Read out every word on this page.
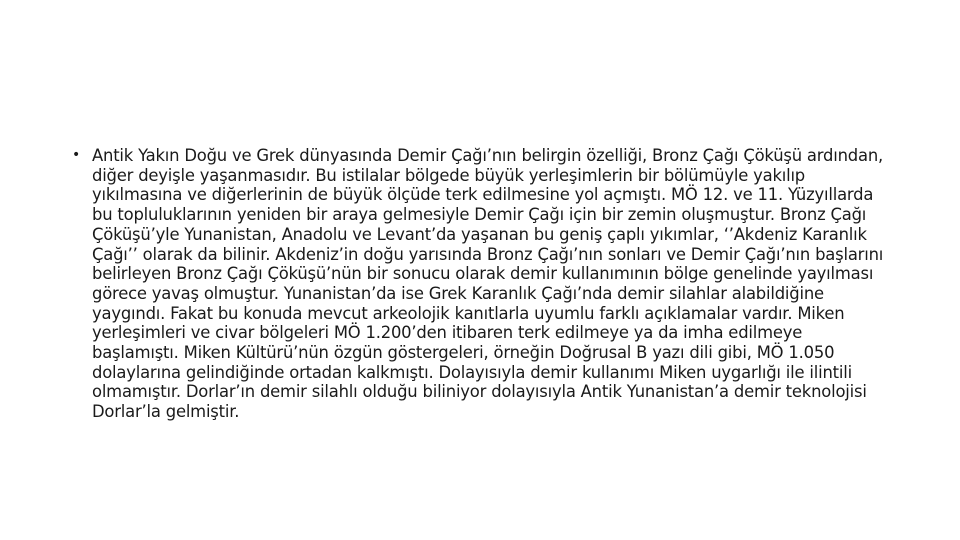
• Antik Yakın Doğu ve Grek dünyasında Demir Çağı’nın belirgin özelliği, Bronz Çağı Çöküşü ardından, diğer deyişle yaşanmasıdır. Bu istilalar bölgede büyük yerleşimlerin bir bölümüyle yakılıp yıkılmasına ve diğerlerinin de büyük ölçüde terk edilmesine yol açmıştı. MÖ 12. ve 11. Yüzyıllarda bu topluluklarının yeniden bir araya gelmesiyle Demir Çağı için bir zemin oluşmuştur. Bronz Çağı Çöküşü’yle Yunanistan, Anadolu ve Levant’da yaşanan bu geniş çaplı yıkımlar, ‘’Akdeniz Karanlık Çağı’’ olarak da bilinir. Akdeniz’in doğu yarısında Bronz Çağı’nın sonları ve Demir Çağı’nın başlarını belirleyen Bronz Çağı Çöküşü’nün bir sonucu olarak demir kullanımının bölge genelinde yayılması görece yavaş olmuştur. Yunanistan’da ise Grek Karanlık Çağı’nda demir silahlar alabildiğine yaygındı. Fakat bu konuda mevcut arkeolojik kanıtlarla uyumlu farklı açıklamalar vardır. Miken yerleşimleri ve civar bölgeleri MÖ 1.200’den itibaren terk edilmeye ya da imha edilmeye başlamıştı. Miken Kültürü’nün özgün göstergeleri, örneğin Doğrusal B yazı dili gibi, MÖ 1.050 dolaylarına gelindiğinde ortadan kalkmıştı. Dolayısıyla demir kullanımı Miken uygarlığı ile ilintili olmamıştır. Dorlar’ın demir silahlı olduğu biliniyor dolayısıyla Antik Yunanistan’a demir teknolojisi Dorlar’la gelmiştir.
